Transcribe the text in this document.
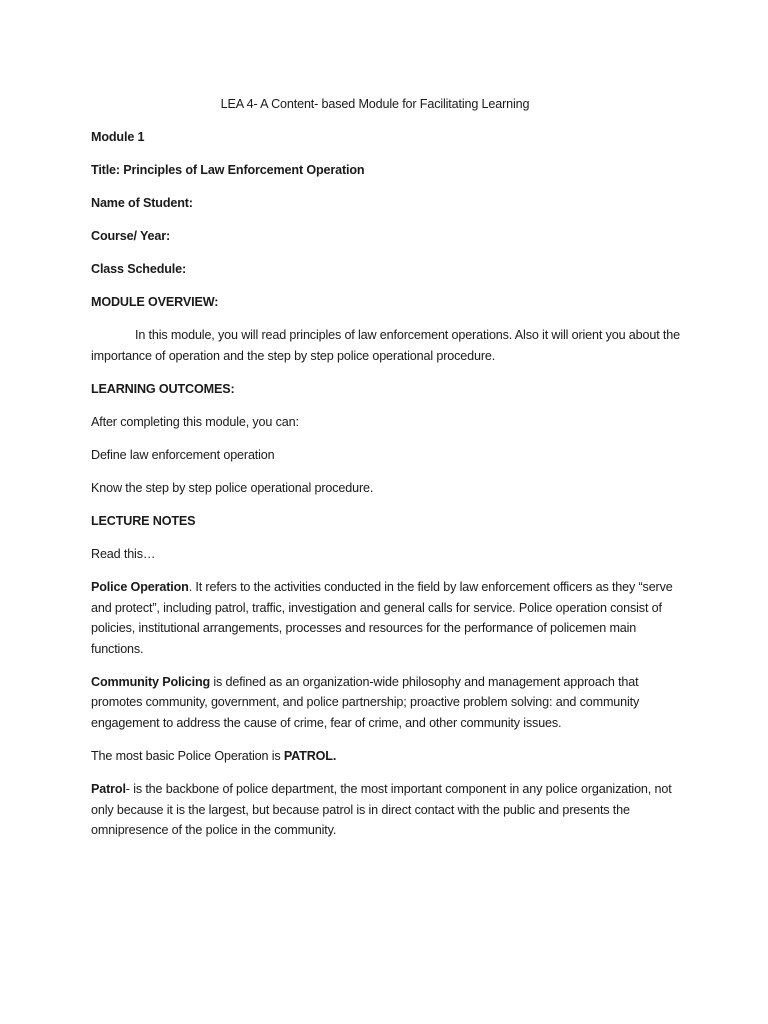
LEA 4- A Content- based Module for Facilitating Learning
Module 1
Title: Principles of Law Enforcement Operation
Name of Student:
Course/ Year:
Class Schedule:
MODULE OVERVIEW:
In this module, you will read principles of law enforcement operations. Also it will orient you about the importance of operation and the step by step police operational procedure.
LEARNING OUTCOMES:
After completing this module, you can:
Define law enforcement operation
Know the step by step police operational procedure.
LECTURE NOTES
Read this…
Police Operation. It refers to the activities conducted in the field by law enforcement officers as they “serve and protect”, including patrol, traffic, investigation and general calls for service. Police operation consist of policies, institutional arrangements, processes and resources for the performance of policemen main functions.
Community Policing is defined as an organization-wide philosophy and management approach that promotes community, government, and police partnership; proactive problem solving: and community engagement to address the cause of crime, fear of crime, and other community issues.
The most basic Police Operation is PATROL.
Patrol- is the backbone of police department, the most important component in any police organization, not only because it is the largest, but because patrol is in direct contact with the public and presents the omnipresence of the police in the community.
